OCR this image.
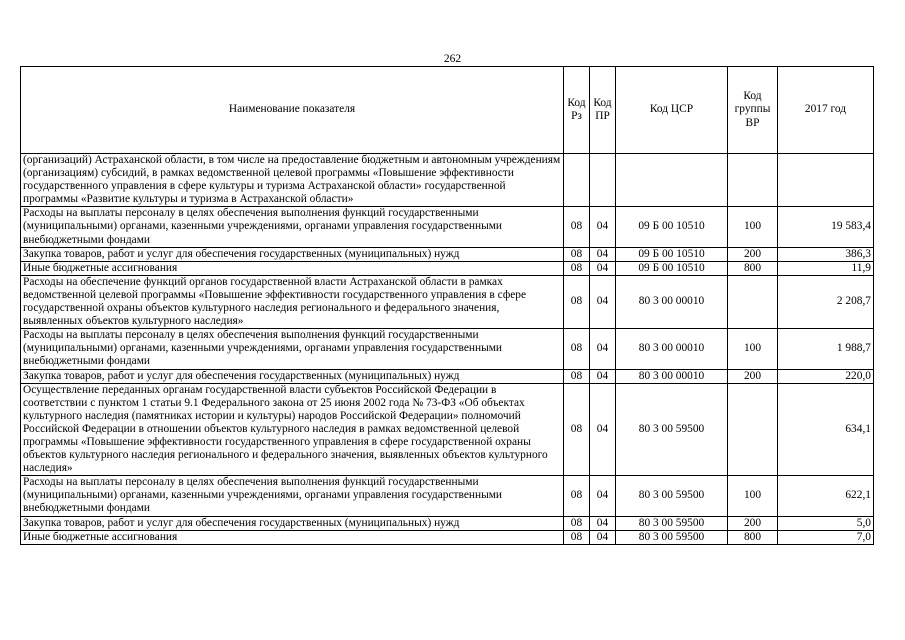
262
Наименование показателя	Код Рз	Код ПР	Код ЦСР	Код группы ВР	2017 год
(организаций) Астраханской области, в том числе на предоставление бюджетным и автономным учреждениям (организациям) субсидий, в рамках ведомственной целевой программы «Повышение эффективности государственного управления в сфере культуры и туризма Астраханской области» государственной программы «Развитие культуры и туризма в Астраханской области»					
Расходы на выплаты персоналу в целях обеспечения выполнения функций государственными (муниципальными) органами, казенными учреждениями, органами управления государственными внебюджетными фондами	08	04	09 Б 00 10510	100	19 583,4
Закупка товаров, работ и услуг для обеспечения государственных (муниципальных) нужд	08	04	09 Б 00 10510	200	386,3
Иные бюджетные ассигнования	08	04	09 Б 00 10510	800	11,9
Расходы на обеспечение функций органов государственной власти Астраханской области в рамках ведомственной целевой программы «Повышение эффективности государственного управления в сфере государственной охраны объектов культурного наследия регионального и федерального значения, выявленных объектов культурного наследия»	08	04	80 3 00 00010		2 208,7
Расходы на выплаты персоналу в целях обеспечения выполнения функций государственными (муниципальными) органами, казенными учреждениями, органами управления государственными внебюджетными фондами	08	04	80 3 00 00010	100	1 988,7
Закупка товаров, работ и услуг для обеспечения государственных (муниципальных) нужд	08	04	80 3 00 00010	200	220,0
Осуществление переданных органам государственной власти субъектов Российской Федерации в соответствии с пунктом 1 статьи 9.1 Федерального закона от 25 июня 2002 года № 73-ФЗ «Об объектах культурного наследия (памятниках истории и культуры) народов Российской Федерации» полномочий Российской Федерации в отношении объектов культурного наследия в рамках ведомственной целевой программы «Повышение эффективности государственного управления в сфере государственной охраны объектов культурного наследия регионального и федерального значения, выявленных объектов культурного наследия»	08	04	80 3 00 59500		634,1
Расходы на выплаты персоналу в целях обеспечения выполнения функций государственными (муниципальными) органами, казенными учреждениями, органами управления государственными внебюджетными фондами	08	04	80 3 00 59500	100	622,1
Закупка товаров, работ и услуг для обеспечения государственных (муниципальных) нужд	08	04	80 3 00 59500	200	5,0
Иные бюджетные ассигнования	08	04	80 3 00 59500	800	7,0
